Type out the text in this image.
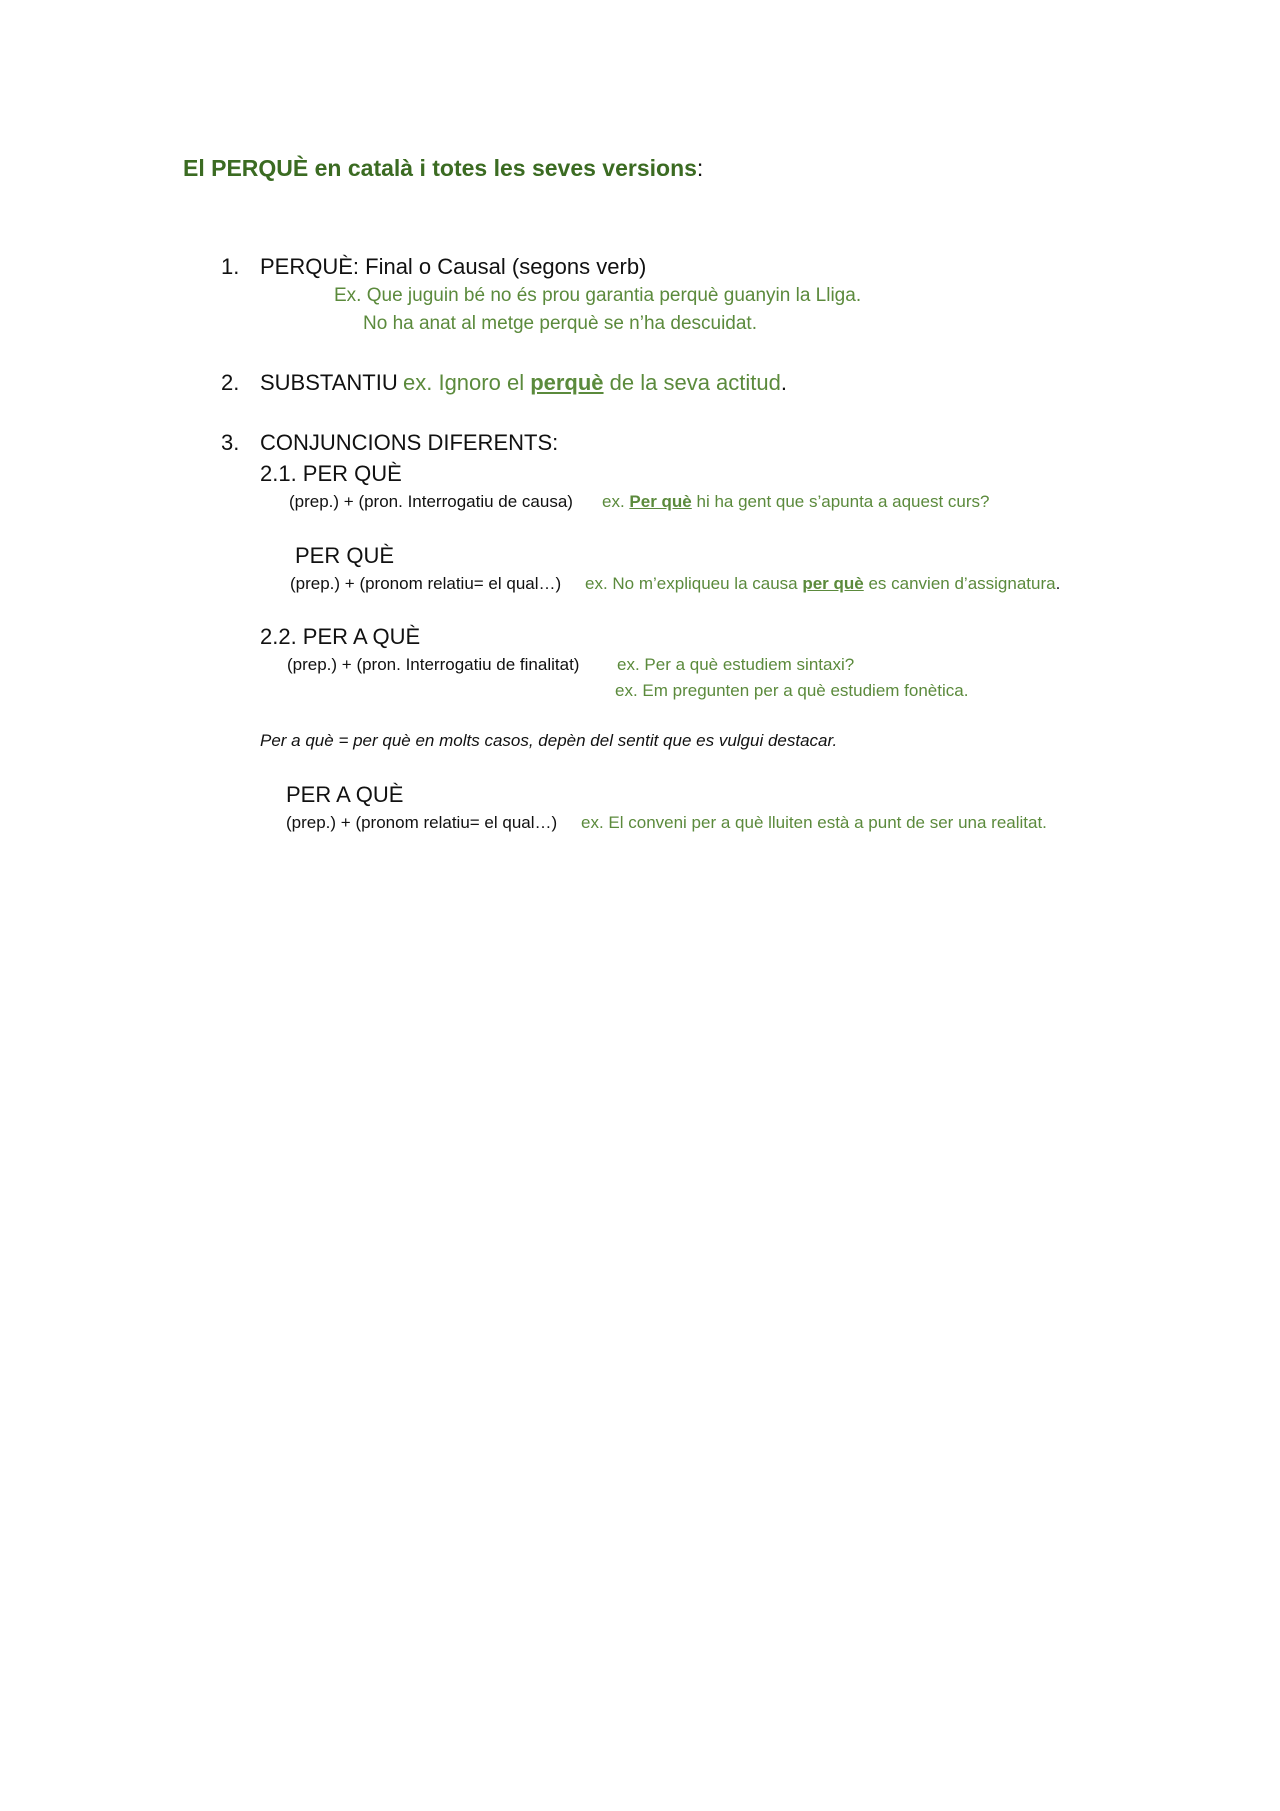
El PERQUÈ en català i totes les seves versions:
1. PERQUÈ: Final o Causal (segons verb)
Ex. Que juguin bé no és prou garantia perquè guanyin la Lliga.
No ha anat al metge perquè se n’ha descuidat.
2. SUBSTANTIU ex. Ignoro el perquè de la seva actitud.
3. CONJUNCIONS DIFERENTS:
2.1. PER QUÈ
(prep.) + (pron. Interrogatiu de causa) ex. Per què hi ha gent que s’apunta a aquest curs?
PER QUÈ
(prep.) + (pronom relatiu= el qual…) ex. No m’expliqueu la causa per què es canvien d’assignatura.
2.2. PER A QUÈ
(prep.) + (pron. Interrogatiu de finalitat) ex. Per a què estudiem sintaxi?
ex. Em pregunten per a què estudiem fonètica.
Per a què = per què en molts casos, depèn del sentit que es vulgui destacar.
PER A QUÈ
(prep.) + (pronom relatiu= el qual…) ex. El conveni per a què lluiten està a punt de ser una realitat.
